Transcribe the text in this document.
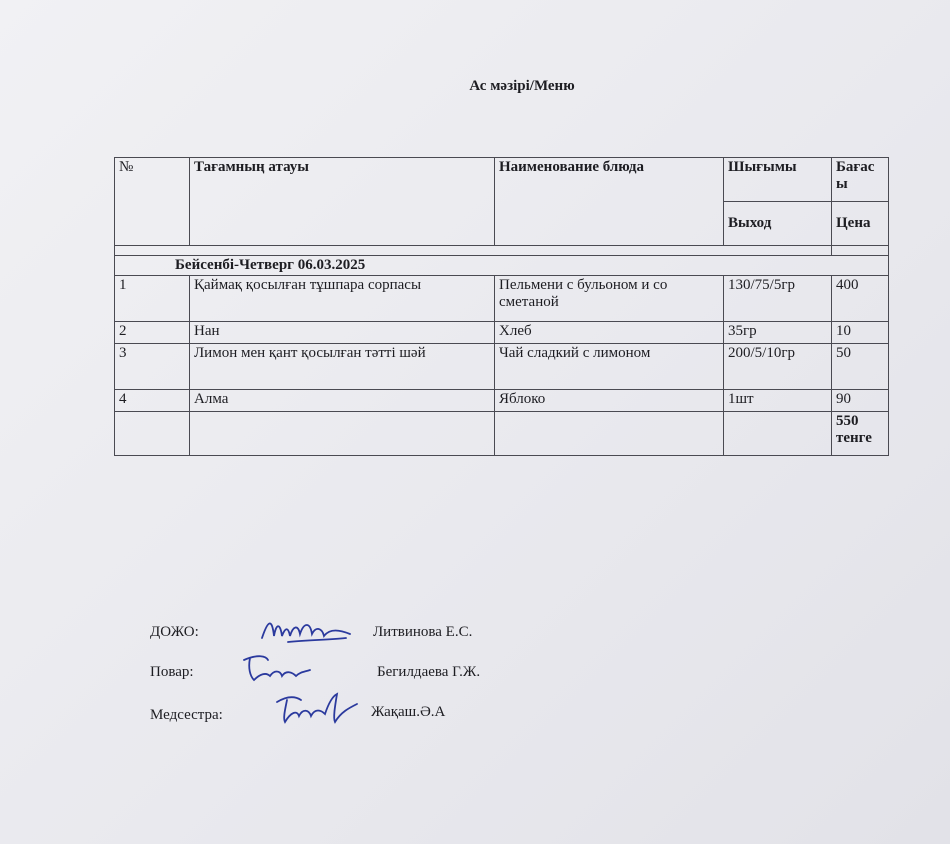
Ас мәзірі/Меню
№	Тағамның атауы	Наименование блюда	Шығымы	Бағас ы
			Выход	Цена

Бейсенбі-Четверг 06.03.2025				
1	Қаймақ қосылған тұшпара сорпасы	Пельмени с бульоном и со сметаной	130/75/5гр	400
2	Нан	Хлеб	35гр	10
3	Лимон мен қант қосылған тәтті шәй	Чай сладкий с лимоном	200/5/10гр	50
4	Алма	Яблоко	1шт	90
				550 тенге
ДОЖО:	Литвинова Е.С.
Повар:	Бегилдаева Г.Ж.
Медсестра:	Жақаш.Ә.А
